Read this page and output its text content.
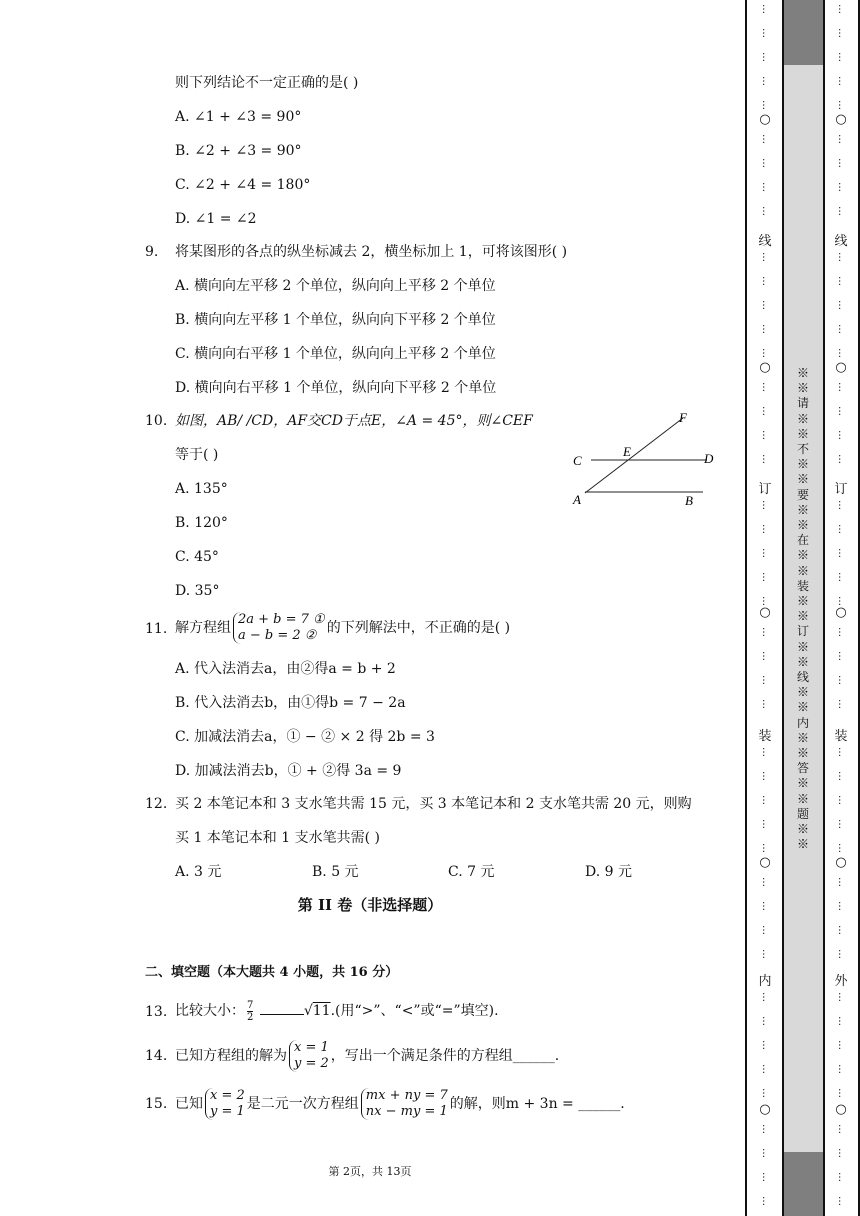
则下列结论不一定正确的是( )
A. ∠1 + ∠3 = 90°
B. ∠2 + ∠3 = 90°
C. ∠2 + ∠4 = 180°
D. ∠1 = ∠2
9. 将某图形的各点的纵坐标减去 2，横坐标加上 1，可将该图形( )
A. 横向向左平移 2 个单位，纵向向上平移 2 个单位
B. 横向向左平移 1 个单位，纵向向下平移 2 个单位
C. 横向向右平移 1 个单位，纵向向上平移 2 个单位
D. 横向向右平移 1 个单位，纵向向下平移 2 个单位
10. 如图，AB/ /CD，AF交CD于点E，∠A = 45°，则∠CEF
等于( )
A. 135°
B. 120°
C. 45°
D. 35°
F
C
E	D
A	B
11. 解方程组
2a + b = 7 ①
a − b = 2 ② 的下列解法中，不正确的是( )
A. 代入法消去a，由②得a = b + 2
B. 代入法消去b，由①得b = 7 − 2a
C. 加减法消去a，① − ② × 2 得 2b = 3
D. 加减法消去b，① + ②得 3a = 9
12. 买 2 本笔记本和 3 支水笔共需 15 元，买 3 本笔记本和 2 支水笔共需 20 元，则购
买 1 本笔记本和 1 支水笔共需( )
A. 3 元	B. 5 元	C. 7 元	D. 9 元
第 II 卷（非选择题）
二、填空题（本大题共 4 小题，共 16 分）
13. 比较大小： $\frac{7}{2}$	√11.(用“>”、“<”或“=”填空).
14. 已知方程组的解为
x = 1
y = 2 ，写出一个满足条件的方程组______.
15. 已知
x = 2
y = 1 是二元一次方程组
mx + ny = 7
nx − my = 1 的解，则m + 3n = ______.
第 2页，共 13页
※※请※※不※※要※※在※※装※※订※※线※※内※※答※※题※※
○
○
○
○
○
线
订
装
内
…
…
…
…
…
…
…
…
…
…
…
…
…
…
…
…
…
…
…
…
…
…
…
…
…
…
…
…
…
…
…
…
…
…
…
…
…
…
…
…
…
…
…
…
…
○
○
○
○
○
线
订
装
外
…
…
…
…
…
…
…
…
…
…
…
…
…
…
…
…
…
…
…
…
…
…
…
…
…
…
…
…
…
…
…
…
…
…
…
…
…
…
…
…
…
…
…
…
…
